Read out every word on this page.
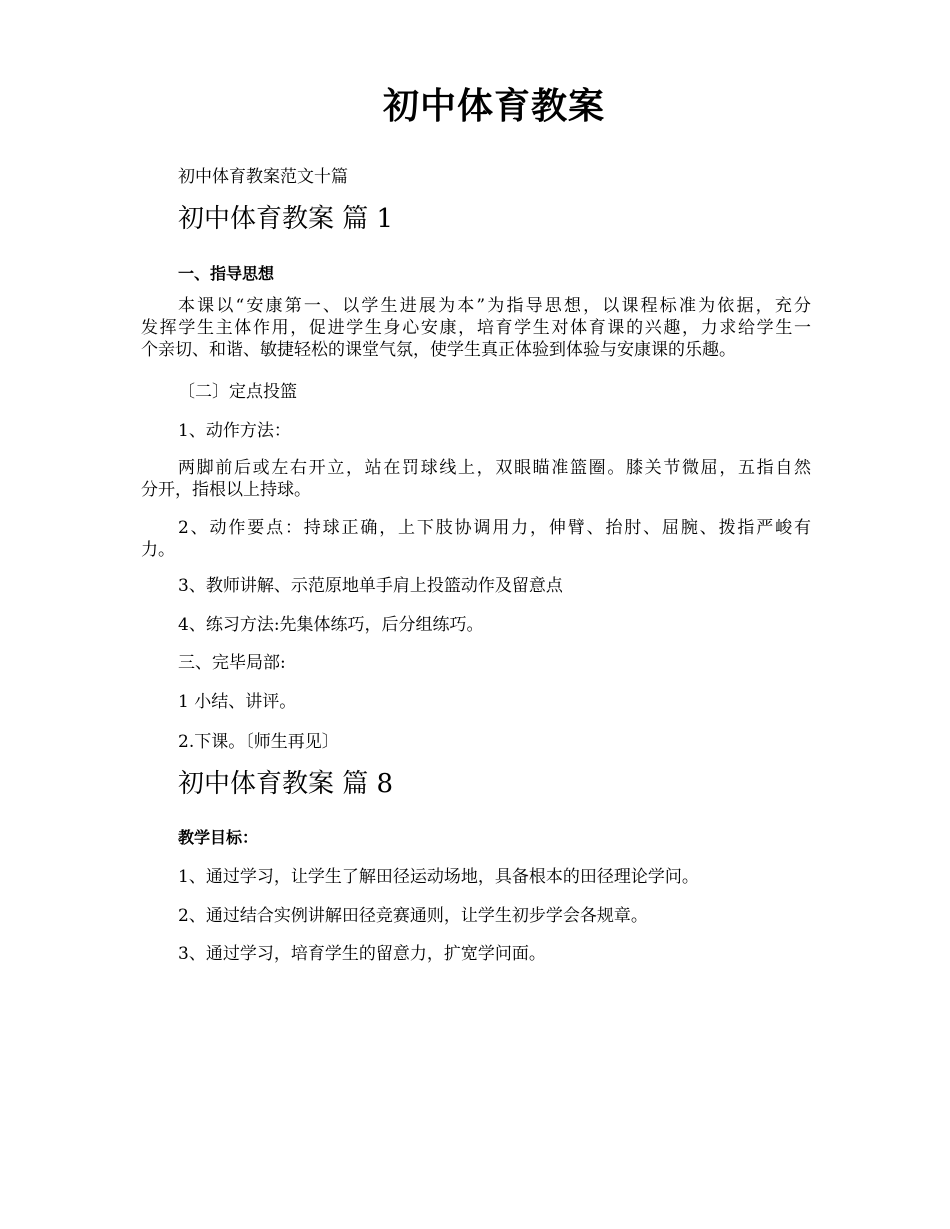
初中体育教案
初中体育教案范文十篇
初中体育教案 篇 1
一、指导思想
本课以“安康第一、以学生进展为本”为指导思想，以课程标准为依据，充分
发挥学生主体作用，促进学生身心安康，培育学生对体育课的兴趣，力求给学生一
个亲切、和谐、敏捷轻松的课堂气氛，使学生真正体验到体验与安康课的乐趣。
〔二〕定点投篮
1、动作方法：
两脚前后或左右开立，站在罚球线上，双眼瞄准篮圈。膝关节微屈，五指自然
分开，指根以上持球。
2、动作要点：持球正确，上下肢协调用力，伸臂、抬肘、屈腕、拨指严峻有
力。
3、教师讲解、示范原地单手肩上投篮动作及留意点
4、练习方法:先集体练巧，后分组练巧。
三、完毕局部:
1 小结、讲评。
2.下课。〔师生再见〕
初中体育教案 篇 8
教学目标：
1、通过学习，让学生了解田径运动场地，具备根本的田径理论学问。
2、通过结合实例讲解田径竞赛通则，让学生初步学会各规章。
3、通过学习，培育学生的留意力，扩宽学问面。
